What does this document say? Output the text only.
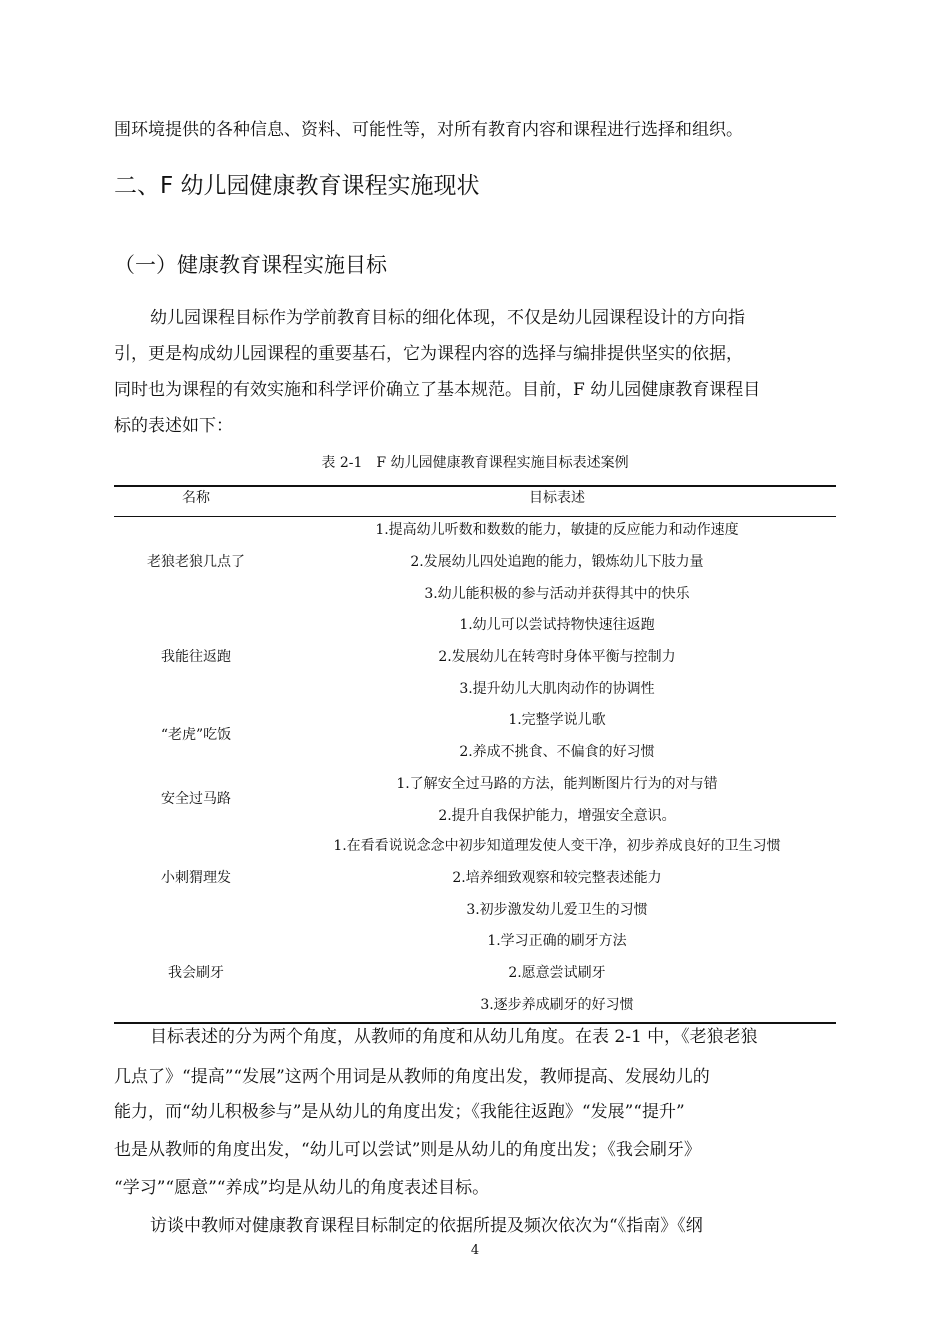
围环境提供的各种信息、资料、可能性等，对所有教育内容和课程进行选择和组织。
二、F 幼儿园健康教育课程实施现状
（一）健康教育课程实施目标
幼儿园课程目标作为学前教育目标的细化体现，不仅是幼儿园课程设计的方向指
引，更是构成幼儿园课程的重要基石，它为课程内容的选择与编排提供坚实的依据，
同时也为课程的有效实施和科学评价确立了基本规范。目前，F 幼儿园健康教育课程目
标的表述如下：
表 2-1　F 幼儿园健康教育课程实施目标表述案例
名称	目标表述
老狼老狼几点了
1.提高幼儿听数和数数的能力，敏捷的反应能力和动作速度
2.发展幼儿四处追跑的能力，锻炼幼儿下肢力量
3.幼儿能积极的参与活动并获得其中的快乐
我能往返跑
1.幼儿可以尝试持物快速往返跑
2.发展幼儿在转弯时身体平衡与控制力
3.提升幼儿大肌肉动作的协调性
“老虎”吃饭
1.完整学说儿歌
2.养成不挑食、不偏食的好习惯
安全过马路
1.了解安全过马路的方法，能判断图片行为的对与错
2.提升自我保护能力，增强安全意识。
小刺猬理发
1.在看看说说念念中初步知道理发使人变干净，初步养成良好的卫生习惯
2.培养细致观察和较完整表述能力
3.初步激发幼儿爱卫生的习惯
我会刷牙
1.学习正确的刷牙方法
2.愿意尝试刷牙
3.逐步养成刷牙的好习惯
目标表述的分为两个角度，从教师的角度和从幼儿角度。在表 2-1 中，《老狼老狼
几点了》“提高”“发展”这两个用词是从教师的角度出发，教师提高、发展幼儿的
能力，而“幼儿积极参与”是从幼儿的角度出发；《我能往返跑》“发展”“提升”
也是从教师的角度出发，“幼儿可以尝试”则是从幼儿的角度出发；《我会刷牙》
“学习”“愿意”“养成”均是从幼儿的角度表述目标。
访谈中教师对健康教育课程目标制定的依据所提及频次依次为“《指南》《纲
4
